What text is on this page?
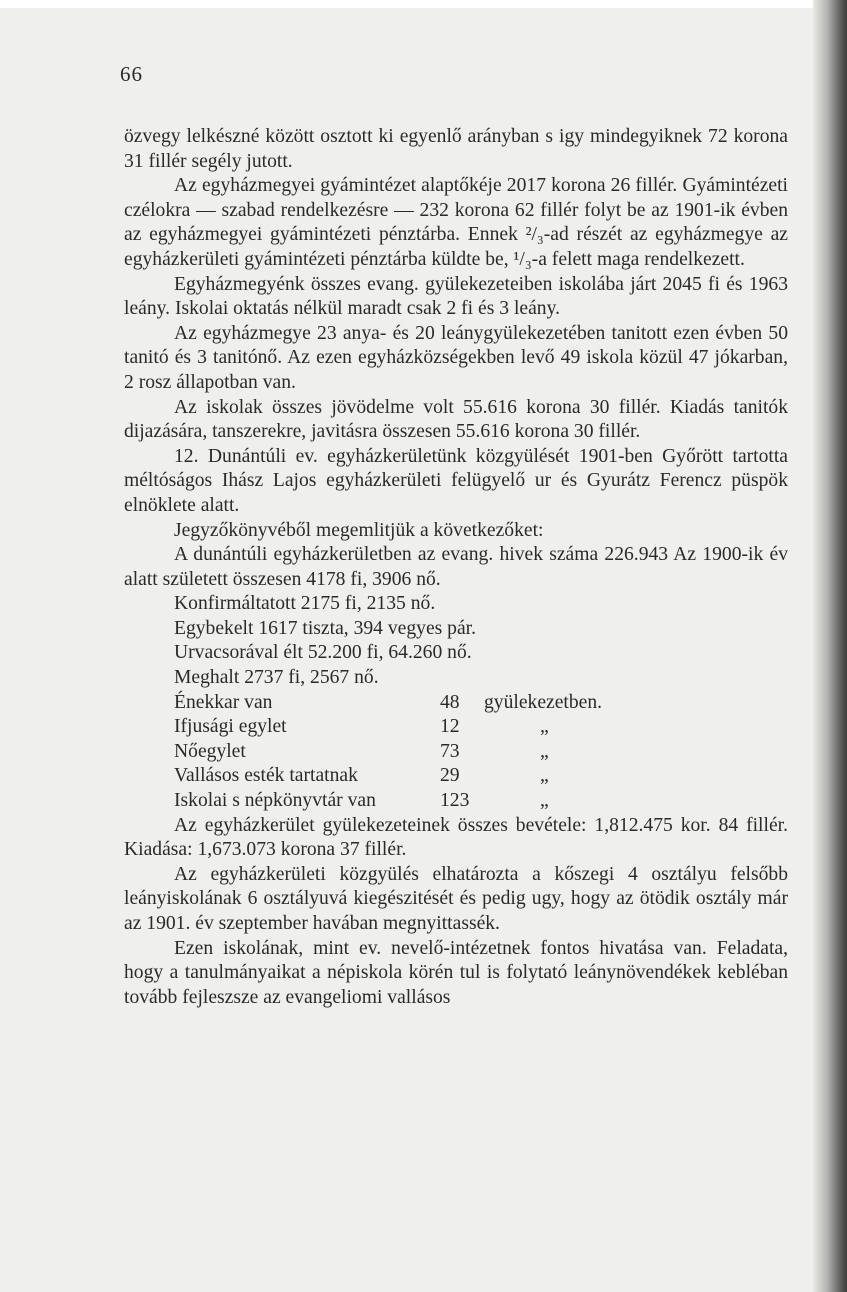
66

özvegy lelkészné között osztott ki egyenlő arányban s igy mindegyiknek 72 korona 31 fillér segély jutott.

Az egyházmegyei gyámintézet alaptőkéje 2017 korona 26 fillér. Gyámintézeti czélokra — szabad rendelkezésre — 232 korona 62 fillér folyt be az 1901-ik évben az egyházmegyei gyámintézeti pénztárba. Ennek ²/₃-ad részét az egyházmegye az egyházkerületi gyámintézeti pénztárba küldte be, ¹/₃-a felett maga rendelkezett.

Egyházmegyénk összes evang. gyülekezeteiben iskolába járt 2045 fi és 1963 leány. Iskolai oktatás nélkül maradt csak 2 fi és 3 leány.

Az egyházmegye 23 anya- és 20 leánygyülekezetében tanitott ezen évben 50 tanitó és 3 tanitónő. Az ezen egyházközségekben levő 49 iskola közül 47 jókarban, 2 rosz állapotban van.

Az iskolak összes jövödelme volt 55.616 korona 30 fillér. Kiadás tanitók dijazására, tanszerekre, javitásra összesen 55.616 korona 30 fillér.

12. Dunántúli ev. egyházkerületünk közgyülését 1901-ben Győrött tartotta méltóságos Ihász Lajos egyházkerületi felügyelő ur és Gyurátz Ferencz püspök elnöklete alatt.

Jegyzőkönyvéből megemlitjük a következőket:

A dunántúli egyházkerületben az evang. hivek száma 226.943 Az 1900-ik év alatt született összesen 4178 fi, 3906 nő.

Konfirmáltatott 2175 fi, 2135 nő.

Egybekelt 1617 tiszta, 394 vegyes pár.

Urvacsorával élt 52.200 fi, 64.260 nő.

Meghalt 2737 fi, 2567 nő.

Énekkar van	48	gyülekezetben.
Ifjusági egylet	12	„
Nőegylet	73	„
Vallásos esték tartatnak	29	„
Iskolai s népkönyvtár van	123	„

Az egyházkerület gyülekezeteinek összes bevétele: 1,812.475 kor. 84 fillér. Kiadása: 1,673.073 korona 37 fillér.

Az egyházkerületi közgyülés elhatározta a kőszegi 4 osztályu felsőbb leányiskolának 6 osztályuvá kiegészitését és pedig ugy, hogy az ötödik osztály már az 1901. év szeptember havában megnyittassék.

Ezen iskolának, mint ev. nevelő-intézetnek fontos hivatása van. Feladata, hogy a tanulmányaikat a népiskola körén tul is folytató leánynövendékek kebléban tovább fejleszsze az evangeliomi vallásos
